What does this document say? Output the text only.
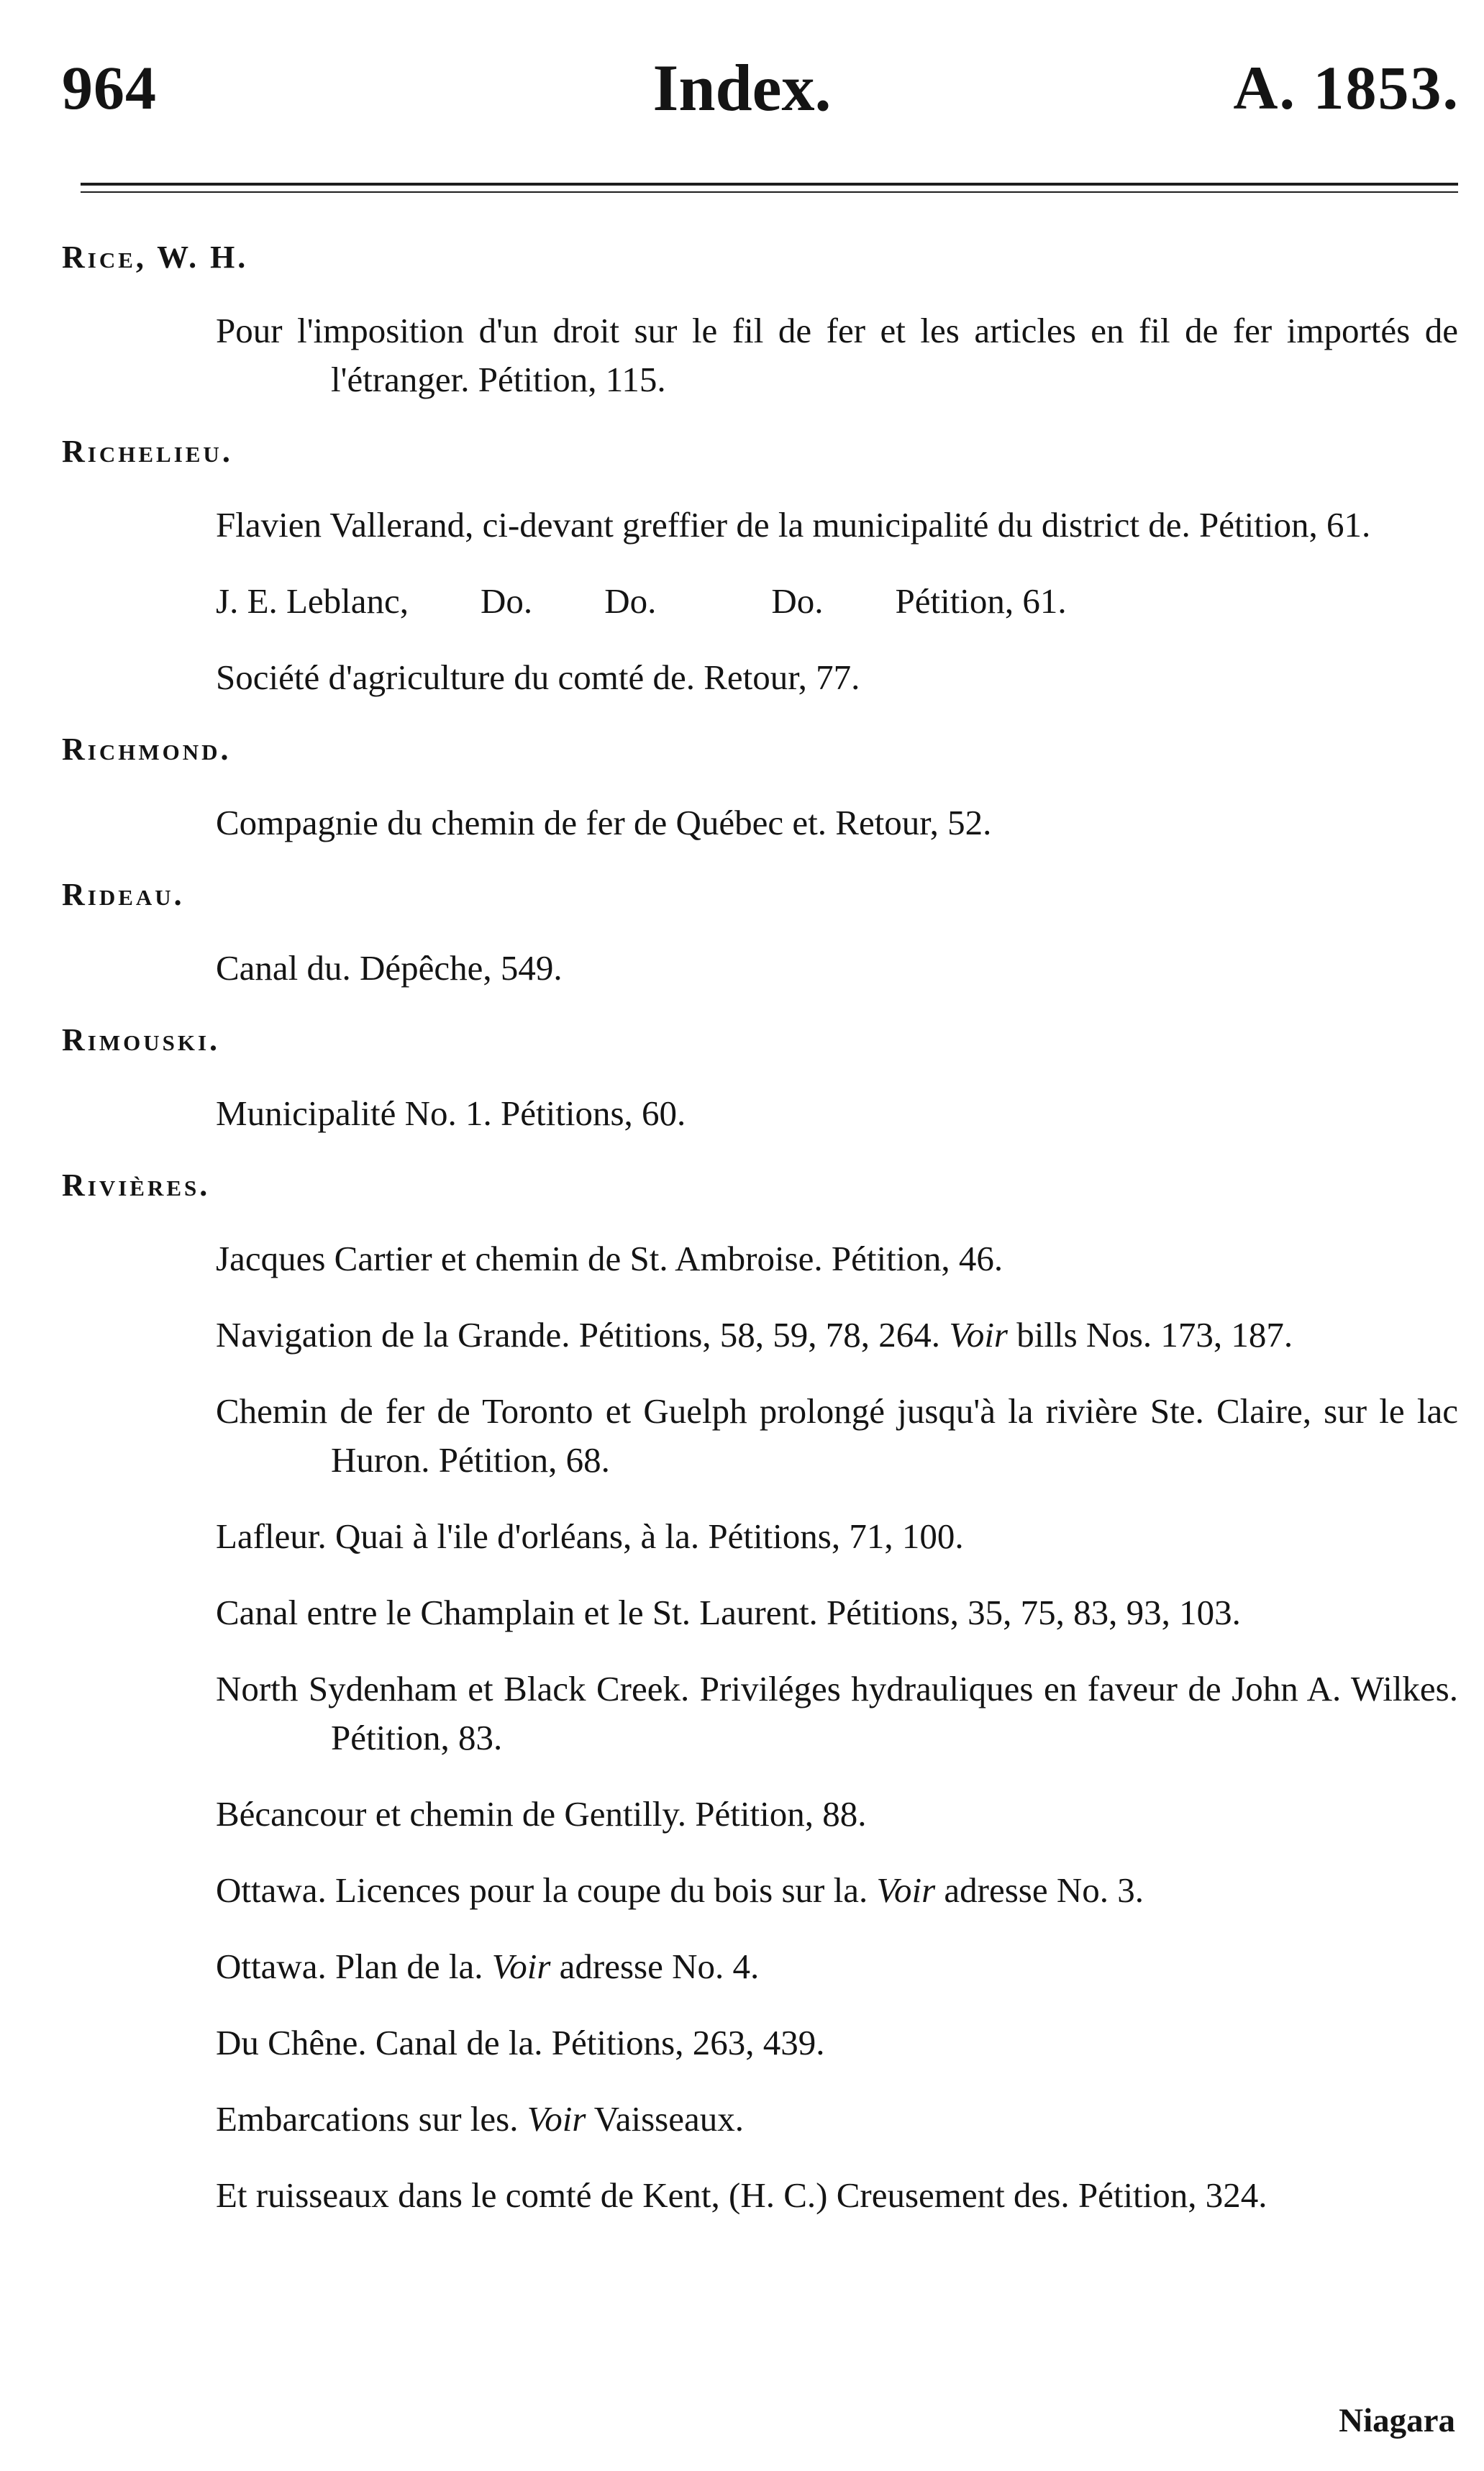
964	Index.	A. 1853.
Rice, W. H.

Pour l'imposition d'un droit sur le fil de fer et les articles en fil de fer importés de l'étranger. Pétition, 115.

Richelieu.

Flavien Vallerand, ci-devant greffier de la municipalité du district de. Pétition, 61.

J. E. Leblanc, Do. Do.	Do. Pétition, 61.

Société d'agriculture du comté de. Retour, 77.

Richmond.

Compagnie du chemin de fer de Québec et. Retour, 52.

Rideau.

Canal du. Dépêche, 549.

Rimouski.

Municipalité No. 1. Pétitions, 60.

Rivières.

Jacques Cartier et chemin de St. Ambroise. Pétition, 46.

Navigation de la Grande. Pétitions, 58, 59, 78, 264. Voir bills Nos. 173, 187.

Chemin de fer de Toronto et Guelph prolongé jusqu'à la rivière Ste. Claire, sur le lac Huron. Pétition, 68.

Lafleur. Quai à l'ile d'orléans, à la. Pétitions, 71, 100.

Canal entre le Champlain et le St. Laurent. Pétitions, 35, 75, 83, 93, 103.

North Sydenham et Black Creek. Priviléges hydrauliques en faveur de John A. Wilkes. Pétition, 83.

Bécancour et chemin de Gentilly. Pétition, 88.

Ottawa. Licences pour la coupe du bois sur la. Voir adresse No. 3.

Ottawa. Plan de la. Voir adresse No. 4.

Du Chêne. Canal de la. Pétitions, 263, 439.

Embarcations sur les. Voir Vaisseaux.

Et ruisseaux dans le comté de Kent, (H. C.) Creusement des. Pétition, 324.

Niagara
